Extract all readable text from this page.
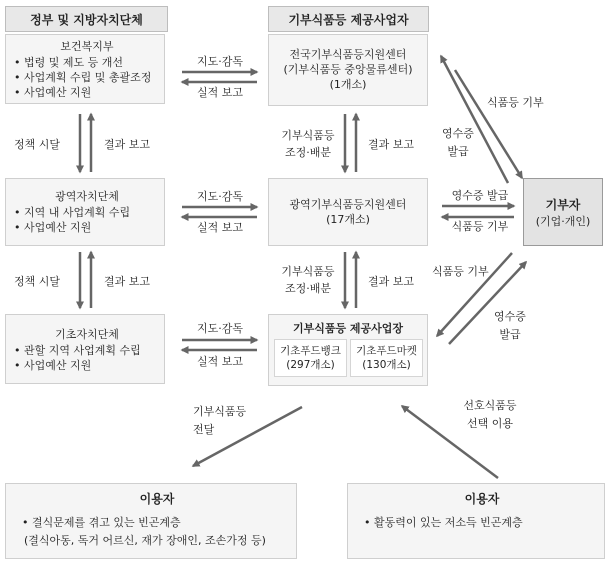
정부 및 지방자치단체	기부식품등 제공사업자
보건복지부
• 법령 및 제도 등 개선
• 사업계획 수립 및 총괄조정
• 사업예산 지원
광역자치단체
• 지역 내 사업계획 수립
• 사업예산 지원
기초자치단체
• 관할 지역 사업계획 수립
• 사업예산 지원
전국기부식품등지원센터
(기부식품등 중앙물류센터)
(1개소)
광역기부식품등지원센터
(17개소)
기부식품등 제공사업장
기초푸드뱅크
(297개소)
기초푸드마켓
(130개소)
기부자
(기업·개인)
지도·감독
실적 보고
지도·감독
실적 보고
지도·감독
실적 보고
정책 시달	결과 보고
정책 시달	결과 보고
기부식품등
조정·배분
결과 보고
기부식품등
조정·배분
결과 보고
식품등 기부
영수증
발급
영수증 발급
식품등 기부
식품등 기부
영수증
발급
기부식품등
전달
선호식품등
선택 이용
이용자
• 결식문제를 겪고 있는 빈곤계층
(결식아동, 독거 어르신, 재가 장애인, 조손가정 등)
이용자
• 활동력이 있는 저소득 빈곤계층
